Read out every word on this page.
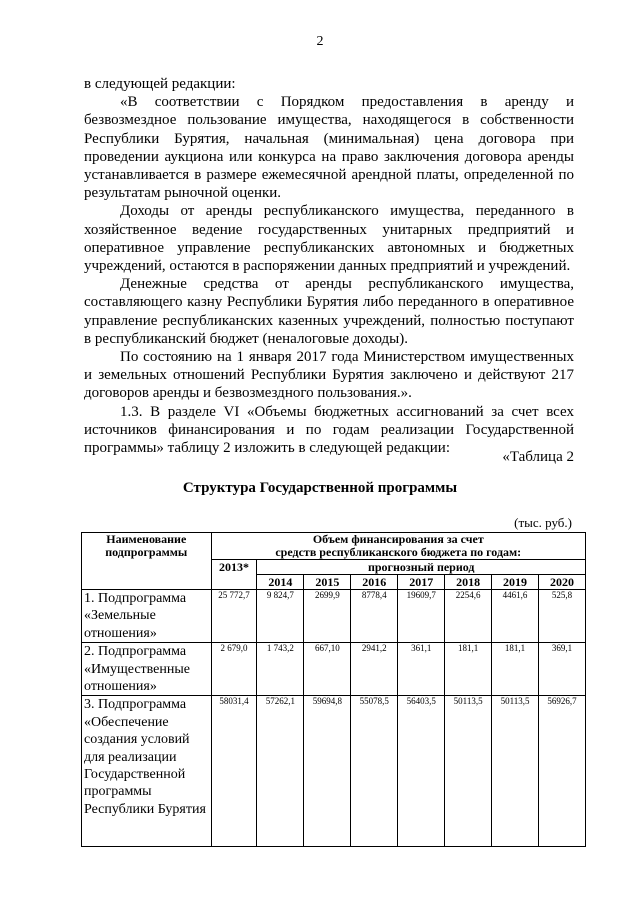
2

в следующей редакции:

«В соответствии с Порядком предоставления в аренду и безвозмездное пользование имущества, находящегося в собственности Республики Бурятия, начальная (минимальная) цена договора при проведении аукциона или конкурса на право заключения договора аренды устанавливается в размере ежемесячной арендной платы, определенной по результатам рыночной оценки.

Доходы от аренды республиканского имущества, переданного в хозяйственное ведение государственных унитарных предприятий и оперативное управление республиканских автономных и бюджетных учреждений, остаются в распоряжении данных предприятий и учреждений.

Денежные средства от аренды республиканского имущества, составляющего казну Республики Бурятия либо переданного в оперативное управление республиканских казенных учреждений, полностью поступают в республиканский бюджет (неналоговые доходы).

По состоянию на 1 января 2017 года Министерством имущественных и земельных отношений Республики Бурятия заключено и действуют 217 договоров аренды и безвозмездного пользования.».

1.3. В разделе VI «Объемы бюджетных ассигнований за счет всех источников финансирования и по годам реализации Государственной программы» таблицу 2 изложить в следующей редакции:

«Таблица 2
Структура Государственной программы
(тыс. руб.)
Наименование подпрограммы	Объем финансирования за счет
средств республиканского бюджета по годам:							

	2013*	прогнозный период						
		2014	2015	2016	2017	2018	2019	2020
1. Подпрограмма «Земельные отношения»	25 772,7	9 824,7	2699,9	8778,4	19609,7	2254,6	4461,6	525,8
2. Подпрограмма «Имущественные отношения»	2 679,0	1 743,2	667,10	2941,2	361,1	181,1	181,1	369,1
3. Подпрограмма «Обеспечение создания условий для реализации Государственной программы Республики Бурятия	58031,4	57262,1	59694,8	55078,5	56403,5	50113,5	50113,5	56926,7
